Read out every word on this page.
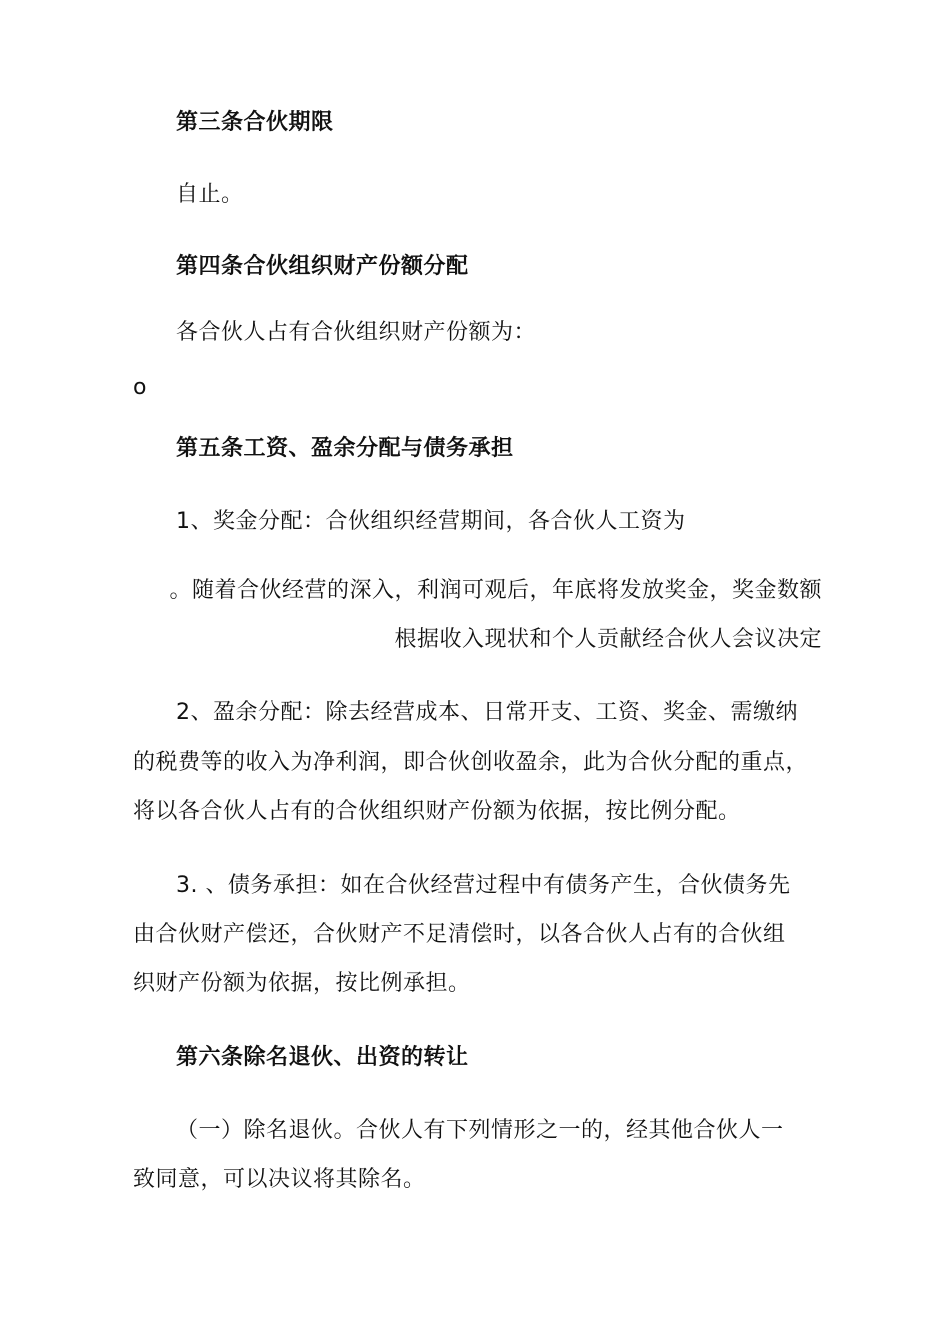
第三条合伙期限
自止。
第四条合伙组织财产份额分配
各合伙人占有合伙组织财产份额为：
o
第五条工资、盈余分配与债务承担
1、奖金分配：合伙组织经营期间，各合伙人工资为
。随着合伙经营的深入，利润可观后，年底将发放奖金，奖金数额
根据收入现状和个人贡献经合伙人会议决定
2、盈余分配：除去经营成本、日常开支、工资、奖金、需缴纳
的税费等的收入为净利润，即合伙创收盈余，此为合伙分配的重点，
将以各合伙人占有的合伙组织财产份额为依据，按比例分配。
3. 、债务承担：如在合伙经营过程中有债务产生，合伙债务先
由合伙财产偿还，合伙财产不足清偿时，以各合伙人占有的合伙组
织财产份额为依据，按比例承担。
第六条除名退伙、出资的转让
（一）除名退伙。合伙人有下列情形之一的，经其他合伙人一
致同意，可以决议将其除名。
